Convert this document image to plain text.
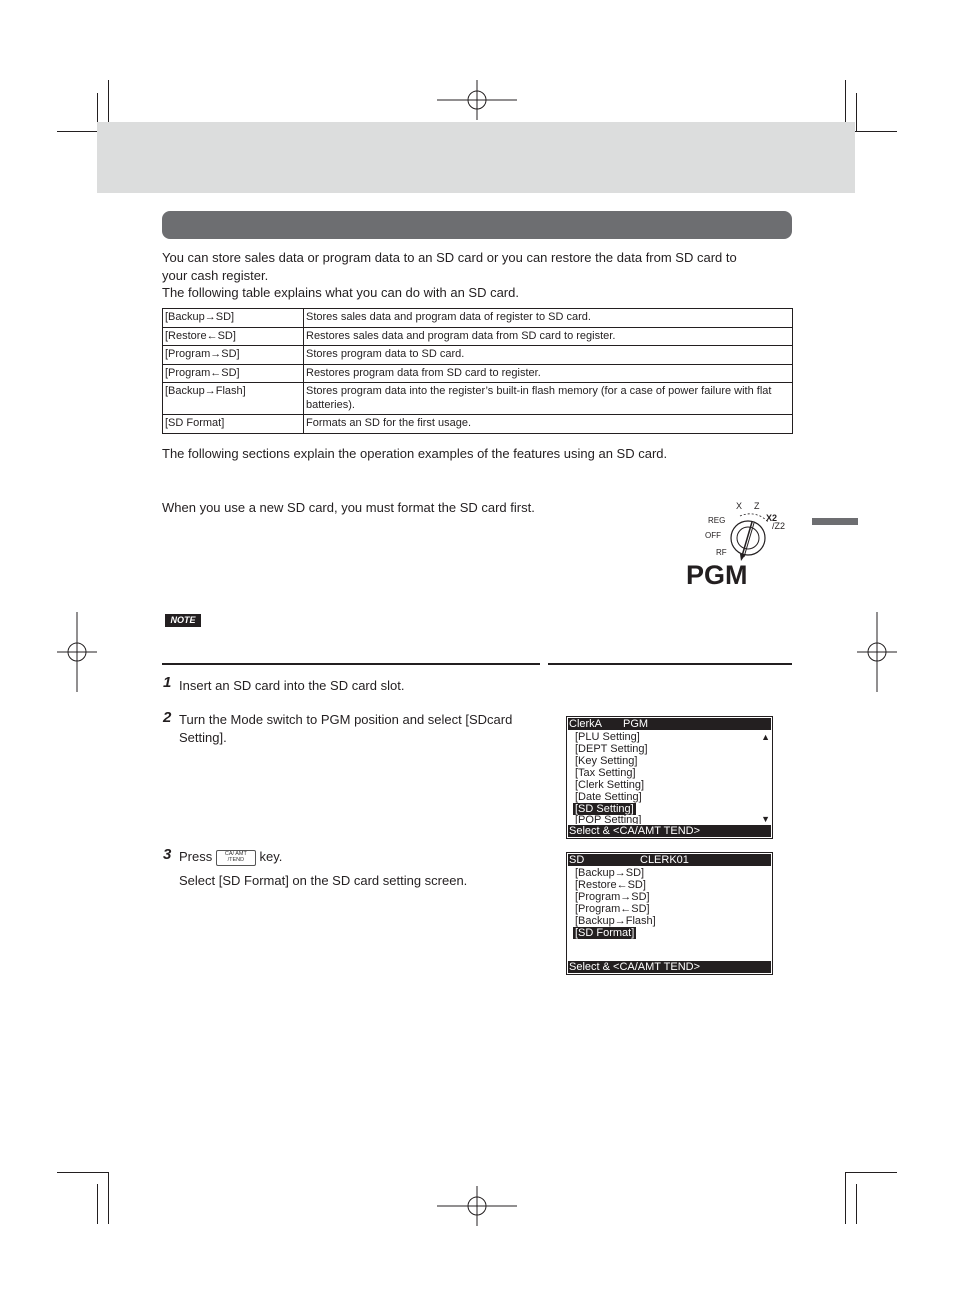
You can store sales data or program data to an SD card or you can restore the data from SD card to
your cash register.
The following table explains what you can do with an SD card.
[Backup→SD]	Stores sales data and program data of register to SD card.
[Restore←SD]	Restores sales data and program data from SD card to register.
[Program→SD]	Stores program data to SD card.
[Program←SD]	Restores program data from SD card to register.
[Backup→Flash]	Stores program data into the register’s built-in flash memory (for a case of power failure with flat batteries).
[SD Format]	Formats an SD for the first usage.
The following sections explain the operation examples of the features using an SD card.
When you use a new SD card, you must format the SD card first.	X Z
REG	X2
/Z2
OFF
RF
PGM
NOTE
1 Insert an SD card into the SD card slot.
2 Turn the Mode switch to PGM position and select [SDcard
Setting].
3 Press CA/ AMT
/TEND key.
Select [SD Format] on the SD card setting screen.
ClerkA PGM
[PLU Setting]
[DEPT Setting]
[Key Setting]
[Tax Setting]
[Clerk Setting]
[Date Setting]
[SD Setting]
[POP Setting]
▲
▼
Select & <CA/AMT TEND>
SD	CLERK01
[Backup→SD]
[Restore←SD]
[Program→SD]
[Program←SD]
[Backup→Flash]
[SD Format]
Select & <CA/AMT TEND>
